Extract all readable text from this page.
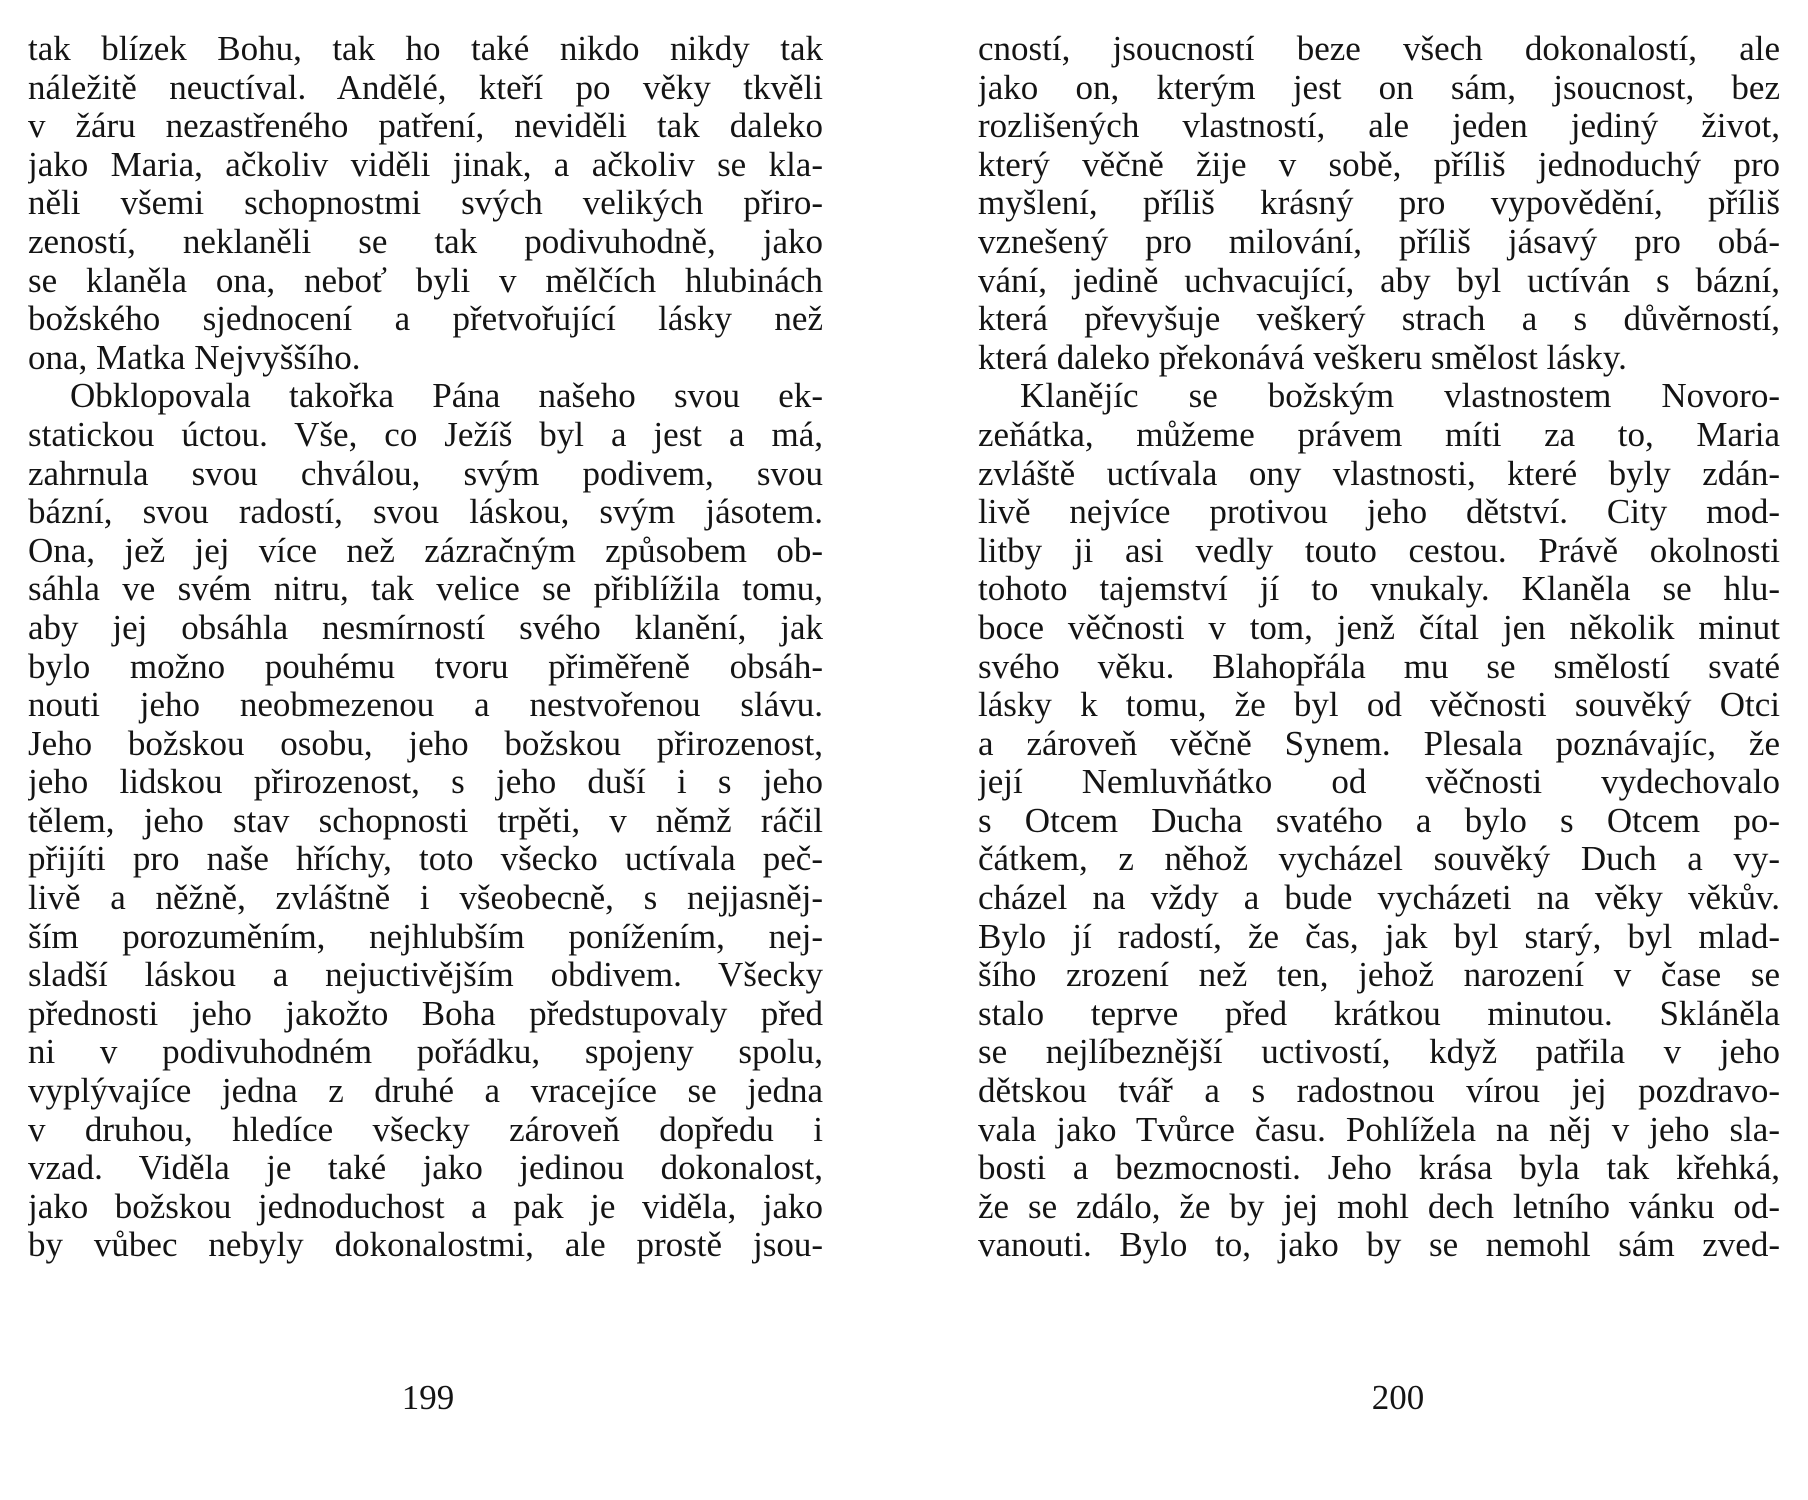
tak blízek Bohu, tak ho také nikdo nikdy tak
náležitě neuctíval. Andělé, kteří po věky tkvěli
v žáru nezastřeného patření, neviděli tak daleko
jako Maria, ačkoliv viděli jinak, a ačkoliv se kla-
něli všemi schopnostmi svých velikých přiro-
zeností, neklaněli se tak podivuhodně, jako
se klaněla ona, neboť byli v mělčích hlubinách
božského sjednocení a přetvořující lásky než
ona, Matka Nejvyššího.
Obklopovala takořka Pána našeho svou ek-
statickou úctou. Vše, co Ježíš byl a jest a má,
zahrnula svou chválou, svým podivem, svou
bázní, svou radostí, svou láskou, svým jásotem.
Ona, jež jej více než zázračným způsobem ob-
sáhla ve svém nitru, tak velice se přiblížila tomu,
aby jej obsáhla nesmírností svého klanění, jak
bylo možno pouhému tvoru přiměřeně obsáh-
nouti jeho neobmezenou a nestvořenou slávu.
Jeho božskou osobu, jeho božskou přirozenost,
jeho lidskou přirozenost, s jeho duší i s jeho
tělem, jeho stav schopnosti trpěti, v němž ráčil
přijíti pro naše hříchy, toto všecko uctívala peč-
livě a něžně, zvláštně i všeobecně, s nejjasněj-
ším porozuměním, nejhlubším ponížením, nej-
sladší láskou a nejuctivějším obdivem. Všecky
přednosti jeho jakožto Boha předstupovaly před
ni v podivuhodném pořádku, spojeny spolu,
vyplývajíce jedna z druhé a vracejíce se jedna
v druhou, hledíce všecky zároveň dopředu i
vzad. Viděla je také jako jedinou dokonalost,
jako božskou jednoduchost a pak je viděla, jako
by vůbec nebyly dokonalostmi, ale prostě jsou-
cností, jsoucností beze všech dokonalostí, ale
jako on, kterým jest on sám, jsoucnost, bez
rozlišených vlastností, ale jeden jediný život,
který věčně žije v sobě, příliš jednoduchý pro
myšlení, příliš krásný pro vypovědění, příliš
vznešený pro milování, příliš jásavý pro obá-
vání, jedině uchvacující, aby byl uctíván s bázní,
která převyšuje veškerý strach a s důvěrností,
která daleko překonává veškeru smělost lásky.
Klanějíc se božským vlastnostem Novoro-
zeňátka, můžeme právem míti za to, Maria
zvláště uctívala ony vlastnosti, které byly zdán-
livě nejvíce protivou jeho dětství. City mod-
litby ji asi vedly touto cestou. Právě okolnosti
tohoto tajemství jí to vnukaly. Klaněla se hlu-
boce věčnosti v tom, jenž čítal jen několik minut
svého věku. Blahopřála mu se smělostí svaté
lásky k tomu, že byl od věčnosti souvěký Otci
a zároveň věčně Synem. Plesala poznávajíc, že
její Nemluvňátko od věčnosti vydechovalo
s Otcem Ducha svatého a bylo s Otcem po-
čátkem, z něhož vycházel souvěký Duch a vy-
cházel na vždy a bude vycházeti na věky věkův.
Bylo jí radostí, že čas, jak byl starý, byl mlad-
šího zrození než ten, jehož narození v čase se
stalo teprve před krátkou minutou. Skláněla
se nejlíbeznější uctivostí, když patřila v jeho
dětskou tvář a s radostnou vírou jej pozdravo-
vala jako Tvůrce času. Pohlížela na něj v jeho sla-
bosti a bezmocnosti. Jeho krása byla tak křehká,
že se zdálo, že by jej mohl dech letního vánku od-
vanouti. Bylo to, jako by se nemohl sám zved-
199	200
